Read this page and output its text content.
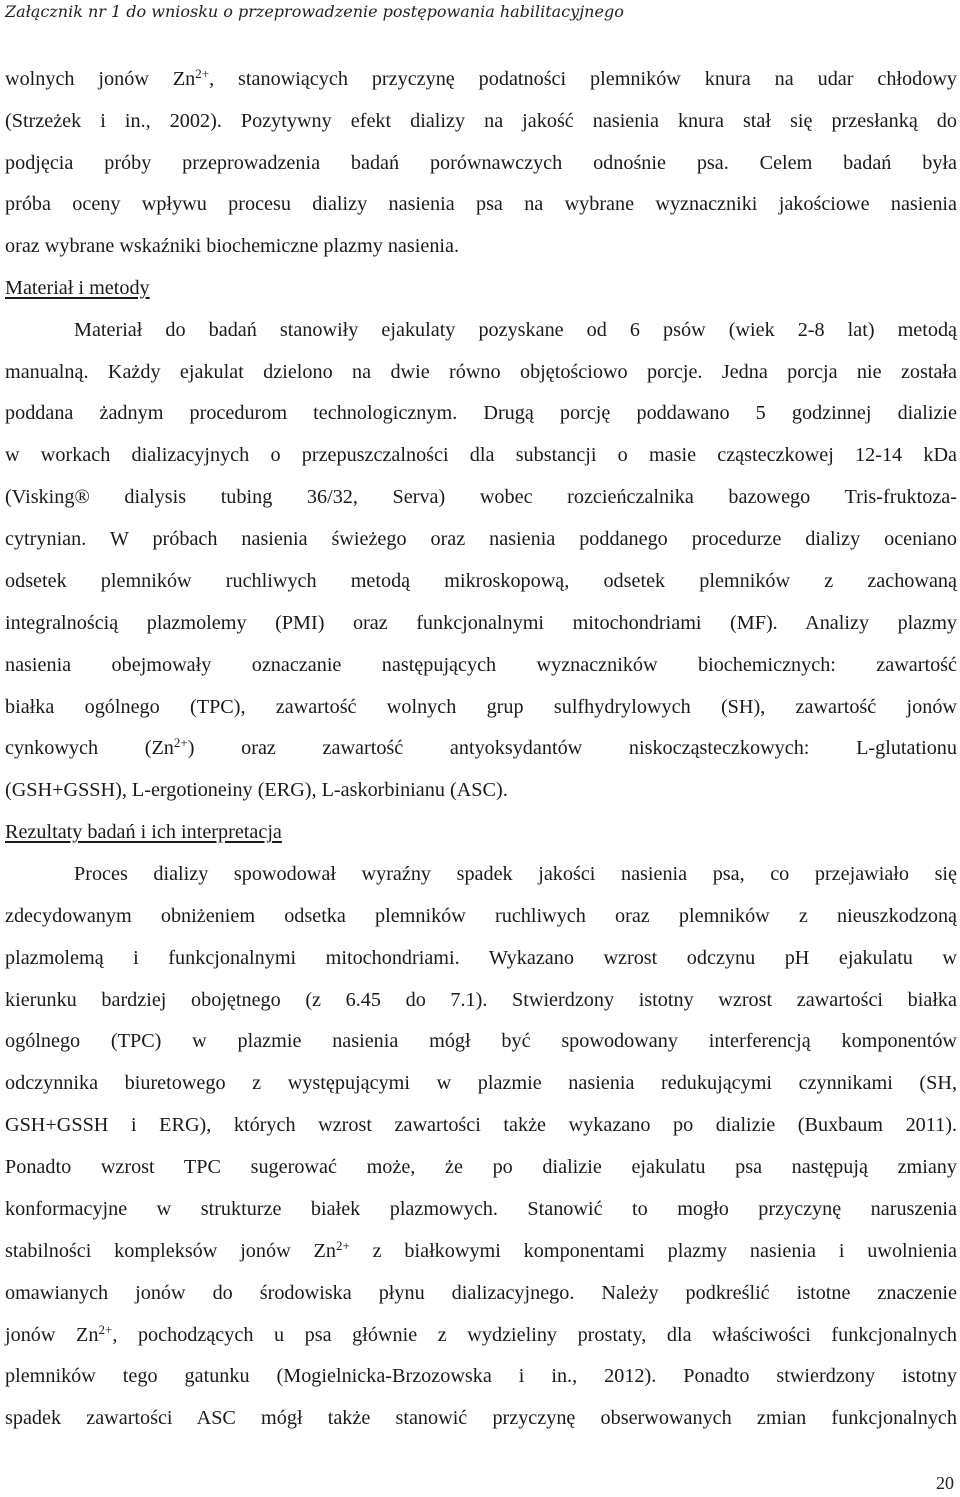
Załącznik nr 1 do wniosku o przeprowadzenie postępowania habilitacyjnego
wolnych jonów $Zn^{2+}$, stanowiących przyczynę podatności plemników knura na udar chłodowy
(Strzeżek i in., 2002). Pozytywny efekt dializy na jakość nasienia knura stał się przesłanką do
podjęcia próby przeprowadzenia badań porównawczych odnośnie psa. Celem badań była
próba oceny wpływu procesu dializy nasienia psa na wybrane wyznaczniki jakościowe nasienia
oraz wybrane wskaźniki biochemiczne plazmy nasienia.
Materiał i metody
Materiał do badań stanowiły ejakulaty pozyskane od 6 psów (wiek 2-8 lat) metodą
manualną. Każdy ejakulat dzielono na dwie równo objętościowo porcje. Jedna porcja nie została
poddana żadnym procedurom technologicznym. Drugą porcję poddawano 5 godzinnej dializie
w workach dializacyjnych o przepuszczalności dla substancji o masie cząsteczkowej 12-14 kDa
(Visking® dialysis tubing 36/32, Serva) wobec rozcieńczalnika bazowego Tris-fruktoza-
cytrynian. W próbach nasienia świeżego oraz nasienia poddanego procedurze dializy oceniano
odsetek plemników ruchliwych metodą mikroskopową, odsetek plemników z zachowaną
integralnością plazmolemy (PMI) oraz funkcjonalnymi mitochondriami (MF). Analizy plazmy
nasienia obejmowały oznaczanie następujących wyznaczników biochemicznych: zawartość
białka ogólnego (TPC), zawartość wolnych grup sulfhydrylowych (SH), zawartość jonów
cynkowych $(Zn^{2+})$ oraz zawartość antyoksydantów niskocząsteczkowych: L-glutationu
(GSH+GSSH), L-ergotioneiny (ERG), L-askorbinianu (ASC).
Rezultaty badań i ich interpretacja
Proces dializy spowodował wyraźny spadek jakości nasienia psa, co przejawiało się
zdecydowanym obniżeniem odsetka plemników ruchliwych oraz plemników z nieuszkodzoną
plazmolemą i funkcjonalnymi mitochondriami. Wykazano wzrost odczynu pH ejakulatu w
kierunku bardziej obojętnego (z 6.45 do 7.1). Stwierdzony istotny wzrost zawartości białka
ogólnego (TPC) w plazmie nasienia mógł być spowodowany interferencją komponentów
odczynnika biuretowego z występującymi w plazmie nasienia redukującymi czynnikami (SH,
GSH+GSSH i ERG), których wzrost zawartości także wykazano po dializie (Buxbaum 2011).
Ponadto wzrost TPC sugerować może, że po dializie ejakulatu psa następują zmiany
konformacyjne w strukturze białek plazmowych. Stanowić to mogło przyczynę naruszenia
stabilności kompleksów jonów $Zn^{2+}$ z białkowymi komponentami plazmy nasienia i uwolnienia
omawianych jonów do środowiska płynu dializacyjnego. Należy podkreślić istotne znaczenie
jonów $Zn^{2+}$, pochodzących u psa głównie z wydzieliny prostaty, dla właściwości funkcjonalnych
plemników tego gatunku (Mogielnicka-Brzozowska i in., 2012). Ponadto stwierdzony istotny
spadek zawartości ASC mógł także stanowić przyczynę obserwowanych zmian funkcjonalnych
20
